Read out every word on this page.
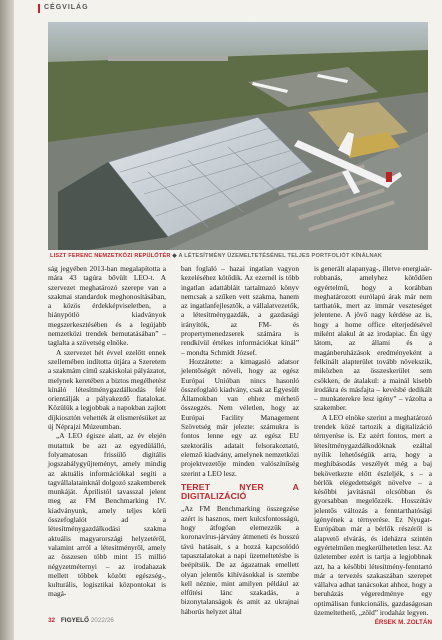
CÉGVILÁG
LISZT FERENC NEMZETKÖZI REPÜLŐTÉR ◆ A LÉTESÍTMÉNY ÜZEMELTETÉSÉNEL TELJES PORTFOLIÓT KÍNÁLNAK

ság jegyében 2013-ban megalapította a mára 43 tagúra bővült LEO-t. A szervezet meghatározó szerepe van a szakmai standardok meghonosításában, a közös érdekképviseletben, a hiánypótló kiadványok megszerkesztésében és a legújabb nemzetközi trendek bemutatásában” – taglalta a szövetség elnöke.

A szervezet hét évvel ezelőtt ennek szellemében indította útjára a Szeretem a szakmám című szakiskolai pályázatot, melynek keretében a biztos megélhetést kínáló létesítménygazdálkodás felé orientálják a pályakezdő fiatalokat. Közülük a legjobbak a napokban zajlott díjkiosztón vehették át elismerésüket az új Néprajzi Múzeumban.

„A LEO égisze alatt, az év elején mutattuk be azt az egyedülálló, folyamatosan frissülő digitális jogszabálygyűjteményt, amely mindig az aktuális információkkal segíti a tagvállalatainknál dolgozó szakemberek munkáját. Áprilistól tavasszal jelent meg az FM Benchmarking IV. kiadványunk, amely teljes körű összefoglalót ad a létesítménygazdálkodási szakma aktuális magyarországi helyzetéről, valamint arról a létesítményről, amely az összesen több mint 15 millió négyzetméternyi – az irodahazak mellett többek között egészség-, kulturális, logisztikai központokat is magá-

ban foglaló – hazai ingatlan vagyon kezeléséhez kötődik. Az ezernél is több ingatlan adattábláit tartalmazó könyv nemcsak a szűken vett szakma, hanem az ingatlanfejlesztők, a vállalatvezetők, a létesítménygazdák, a gazdasági irányítók, az FM- és propertymenedzserek számára is rendkívül értékes információkat kínál” – mondta Schmidt József.

Hozzátette: a kimagasló adatsor jelentőségét növeli, hogy az egész Európai Unióban nincs hasonló összefoglaló kiadvány, csak az Egyesült Államokban van ehhez mérhető összegzés. Nem véletlen, hogy az Európai Facility Management Szövetség már jelezte: számukra is fontos lenne egy az egész EU szektorális adatait felsorakoztató, elemző kiadvány, amelynek nemzetközi projektvezetője minden valószínűség szerint a LEO lesz.

TERET NYER A DIGITALIZÁCIÓ

„Az FM Benchmarking összegzése azért is hasznos, mert kulcsfontosságú, hogy átfogóan elemezzük a koronavírus-járvány átmeneti és hosszú távú hatásait, s a hozzá kapcsolódó tapasztalatokat a napi üzemeltetésbe is beépítsük. De az ágazatnak emellett olyan jelentős kihívásokkal is szembe kell néznie, mint amilyen például az elfűtési lánc szakadás, a bizonytalanságok és amit az ukrajnai háborús helyzet által

is generált alapanyag-, illetve energiaár-robbanás, amelyhez kötődően egyértelmű, hogy a korábban meghatározott eurólapú árak már nem tarthatók, mert az immár veszteséget jelentene. A jövő nagy kérdése az is, hogy a home office elterjedésével miként alakul át az irodapiac. Én úgy látom, az állami és a magánberuházások eredményeként a felkínált alapterület tovább növekszik, miközben az összeskerület sem csökken, de átalakul: a mainál kisebb irodákra és másfajta – kevésbé dedikált – munkaterekre lesz igény” – vázolta a szakember.

A LEO elnöke szerint a meghatározó trendek közé tartozik a digitalizáció térnyerése is. Ez azért fontos, mert a létesítménygazdálkodóknak ezáltal nyílik lehetőségük arra, hogy a meghibásodás veszélyét még a baj bekövetkezte előtt észleljék, s – a bérlők elégedettségét növelve – a későbbi javításnál olcsóbban és gyorsabban megelőzzék. Hosszútáv jelentős változás a fenntarthatósági igényének a térnyerése. Ez Nyugat-Európában már a bérlők részéről is alapvető elvárás, és ideházra szintén egyértelműen megkerülhetetlen lesz. Az üzletember ezért is tartja a legjobbnak azt, ha a későbbi létesítmény-fenntartó már a tervezés szakaszában szerepet vállalva adhat tanácsokat ahhoz, hogy a beruházás végeredménye egy optimálisan funkcionális, gazdaságosan üzemeltethető, „zöld” irodaház legyen.

ÉRSEK M. ZOLTÁN
32 FIGYELŐ 2022/26
